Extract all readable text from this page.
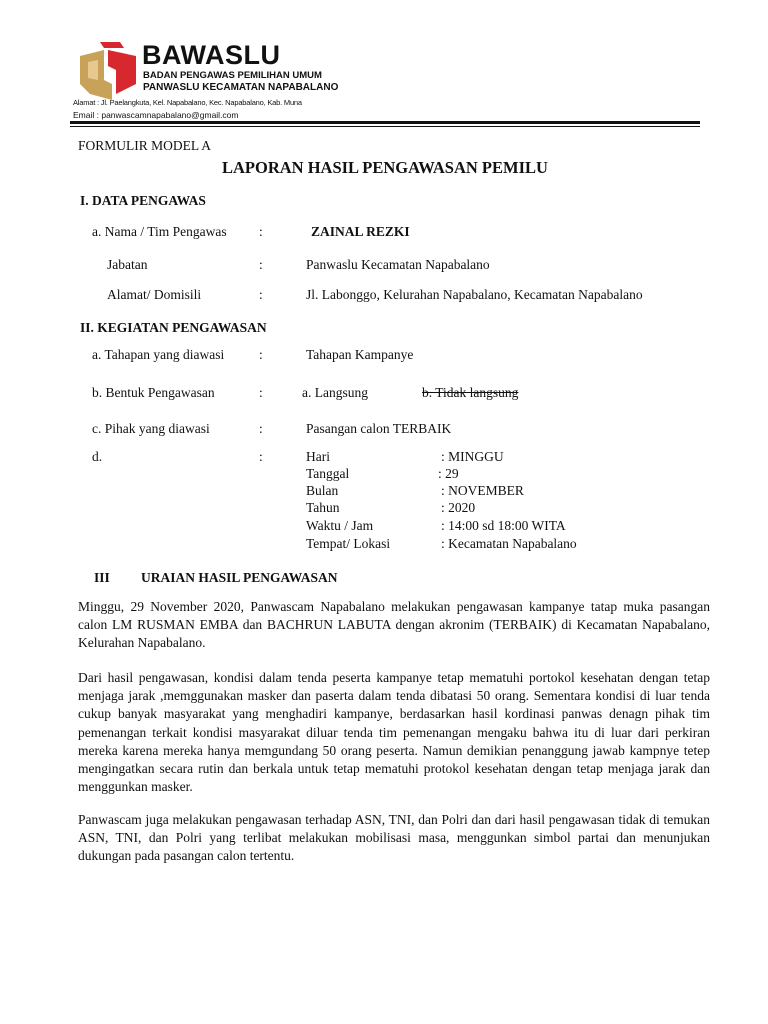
BAWASLU
BADAN PENGAWAS PEMILIHAN UMUM
PANWASLU KECAMATAN NAPABALANO
Alamat : Jl. Paelangkuta, Kel. Napabalano, Kec. Napabalano, Kab. Muna
Email : panwascamnapabalano@gmail.com
FORMULIR MODEL A
LAPORAN HASIL PENGAWASAN PEMILU
I. DATA PENGAWAS
a. Nama / Tim Pengawas :	ZAINAL REZKI
Jabatan	:	Panwaslu Kecamatan Napabalano
Alamat/ Domisili	:	Jl. Labonggo, Kelurahan Napabalano, Kecamatan Napabalano
II. KEGIATAN PENGAWASAN
a. Tahapan yang diawasi	:	Tahapan Kampanye
b. Bentuk Pengawasan	:	a. Langsung	b. Tidak langsung
c. Pihak yang diawasi	:	Pasangan calon TERBAIK
d.	:	Hari	: MINGGU
Tanggal	: 29
Bulan	: NOVEMBER
Tahun	: 2020
Waktu / Jam	: 14:00 sd 18:00 WITA
Tempat/ Lokasi	: Kecamatan Napabalano
III URAIAN HASIL PENGAWASAN

Minggu, 29 November 2020, Panwascam Napabalano melakukan pengawasan kampanye tatap muka pasangan calon LM RUSMAN EMBA dan BACHRUN LABUTA dengan akronim (TERBAIK) di Kecamatan Napabalano, Kelurahan Napabalano.

Dari hasil pengawasan, kondisi dalam tenda peserta kampanye tetap mematuhi portokol kesehatan dengan tetap menjaga jarak ,memggunakan masker dan paserta dalam tenda dibatasi 50 orang. Sementara kondisi di luar tenda cukup banyak masyarakat yang menghadiri kampanye, berdasarkan hasil kordinasi panwas denagn pihak tim pemenangan terkait kondisi masyarakat diluar tenda tim pemenangan mengaku bahwa itu di luar dari perkiran mereka karena mereka hanya memgundang 50 orang peserta. Namun demikian penanggung jawab kampnye tetep mengingatkan secara rutin dan berkala untuk tetap mematuhi protokol kesehatan dengan tetap menjaga jarak dan menggunkan masker.

Panwascam juga melakukan pengawasan terhadap ASN, TNI, dan Polri dan dari hasil pengawasan tidak di temukan ASN, TNI, dan Polri yang terlibat melakukan mobilisasi masa, menggunkan simbol partai dan menunjukan dukungan pada pasangan calon tertentu.
